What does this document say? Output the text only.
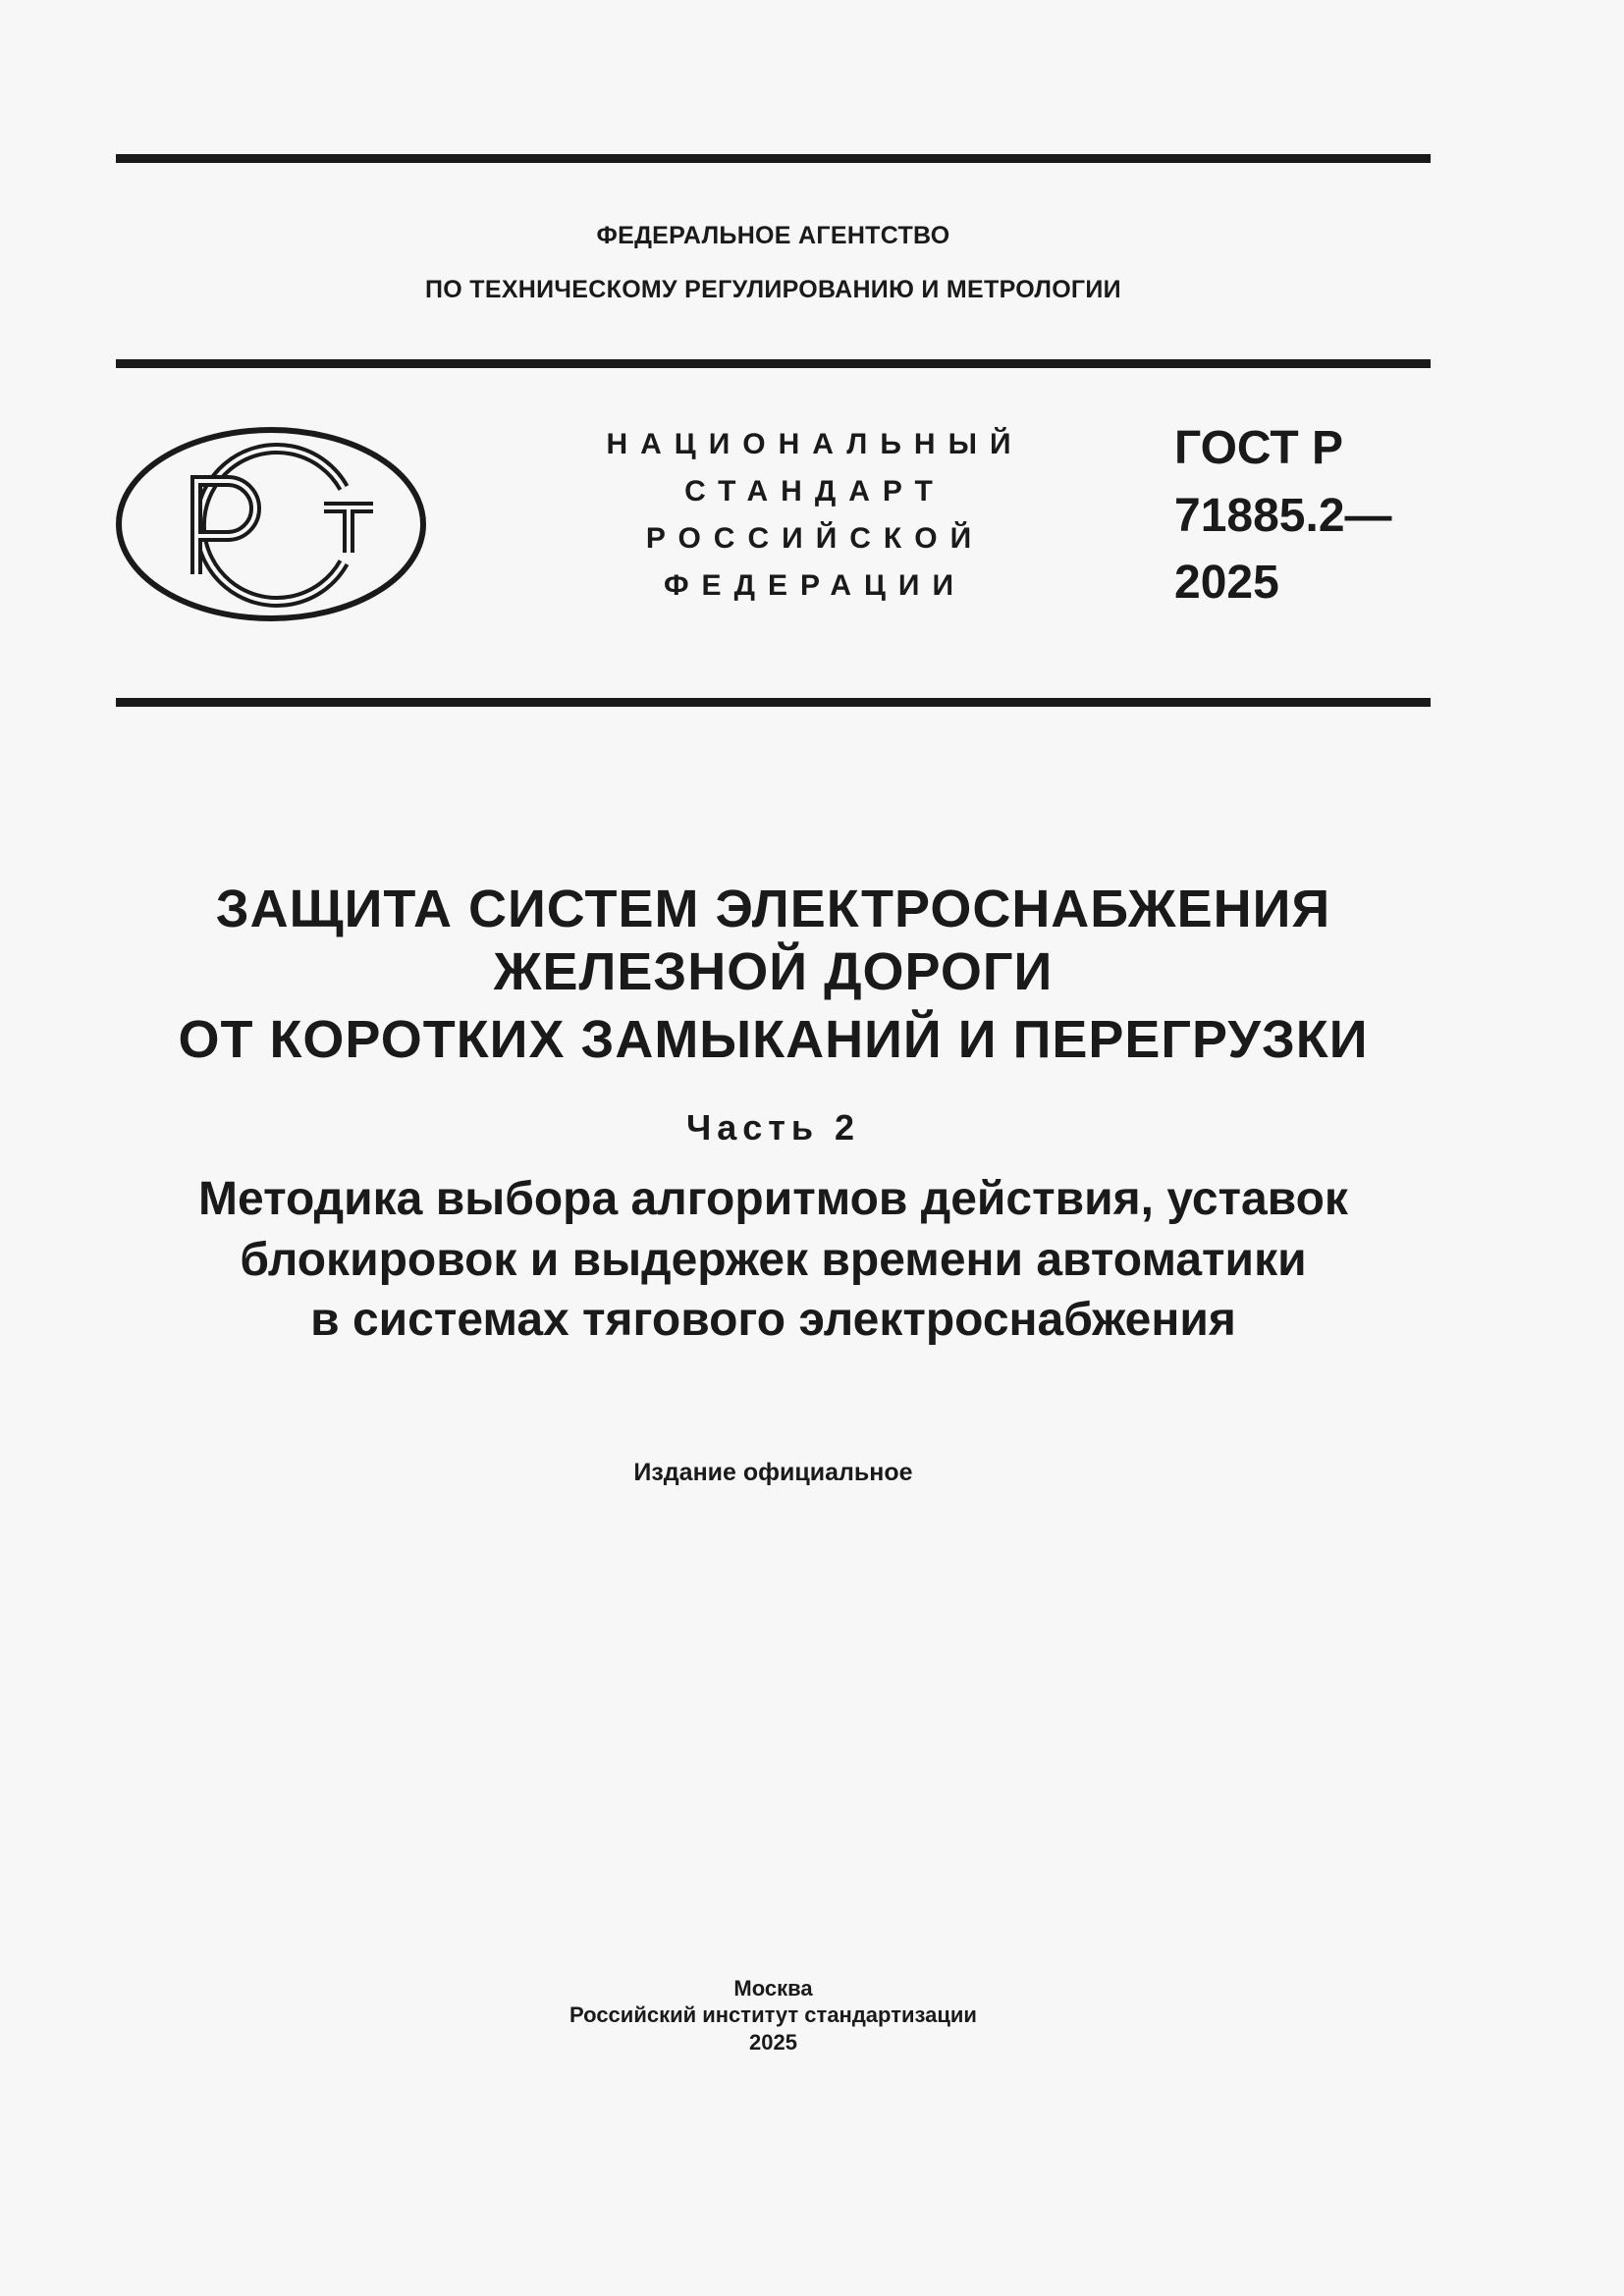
ФЕДЕРАЛЬНОЕ АГЕНТСТВО
ПО ТЕХНИЧЕСКОМУ РЕГУЛИРОВАНИЮ И МЕТРОЛОГИИ
НАЦИОНАЛЬНЫЙ
СТАНДАРТ
РОССИЙСКОЙ
ФЕДЕРАЦИИ
ГОСТ Р
71885.2—
2025
ЗАЩИТА СИСТЕМ ЭЛЕКТРОСНАБЖЕНИЯ
ЖЕЛЕЗНОЙ ДОРОГИ
ОТ КОРОТКИХ ЗАМЫКАНИЙ И ПЕРЕГРУЗКИ
Часть 2
Методика выбора алгоритмов действия, уставок
блокировок и выдержек времени автоматики
в системах тягового электроснабжения
Издание официальное
Москва
Российский институт стандартизации
2025
